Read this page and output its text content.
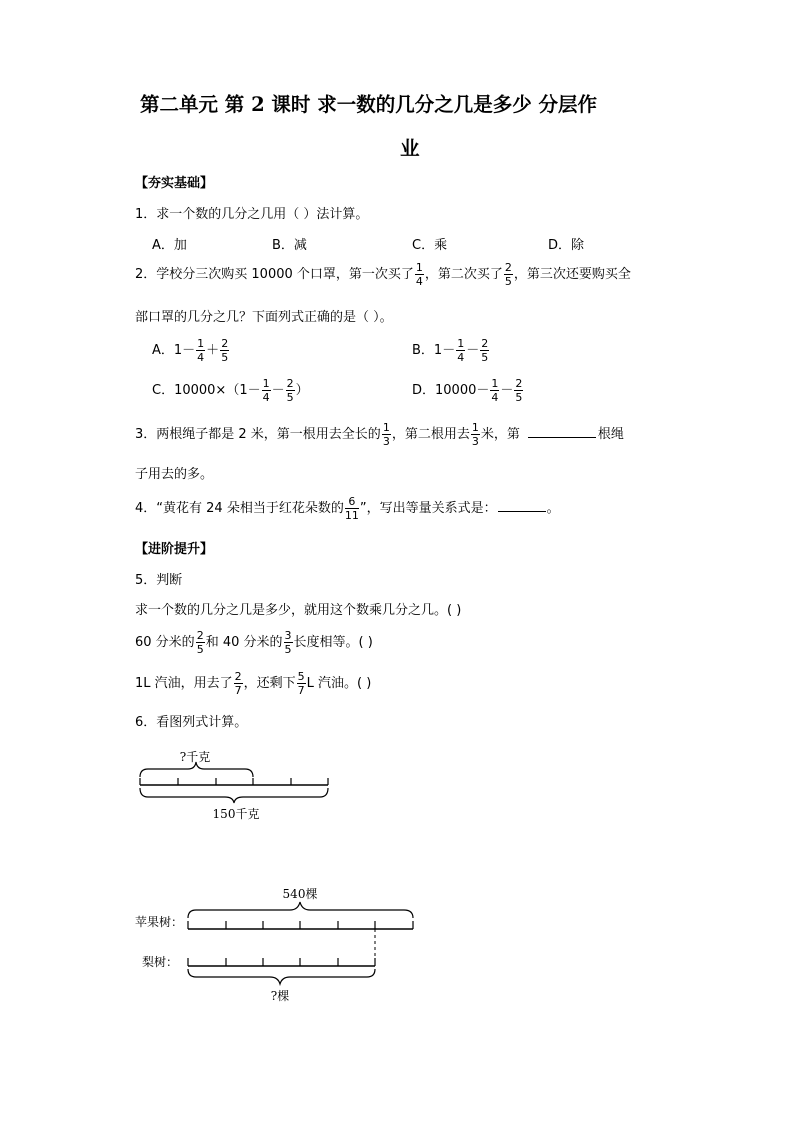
第二单元 第 2 课时 求一数的几分之几是多少 分层作
业
【夯实基础】
1．求一个数的几分之几用（ ）法计算。
A．加	B．减	C．乘	D．除
2．学校分三次购买 10000 个口罩，第一次买了 $\frac{1}{4}$ ，第二次买了 $\frac{2}{5}$ ，第三次还要购买全
部口罩的几分之几？下面列式正确的是（ ）。
A．$1- \frac{1}{4} + \frac{2}{5}$	B．$1- \frac{1}{4} - \frac{2}{5}$
C．$10000\times(1- \frac{1}{4} - \frac{2}{5}$ ）	D．$10000- \frac{1}{4} - \frac{2}{5}$
3．两根绳子都是 2 米，第一根用去全长的 $\frac{1}{3}$ ，第二根用去 $\frac{1}{3}$ 米，第	根绳
子用去的多。
4．“黄花有 24 朵相当于红花朵数的 $\frac{6}{11}$ ”，写出等量关系式是：	。
【进阶提升】
5．判断
求一个数的几分之几是多少，就用这个数乘几分之几。( )
60 分米的 $\frac{2}{5}$ 和 40 分米的 $\frac{3}{5}$ 长度相等。( )
1L 汽油，用去了 $\frac{2}{7}$ ，还剩下 $\frac{5}{7}$ L 汽油。( )
6．看图列式计算。
?千克
150千克
540棵
苹果树：
梨树：
?棵
